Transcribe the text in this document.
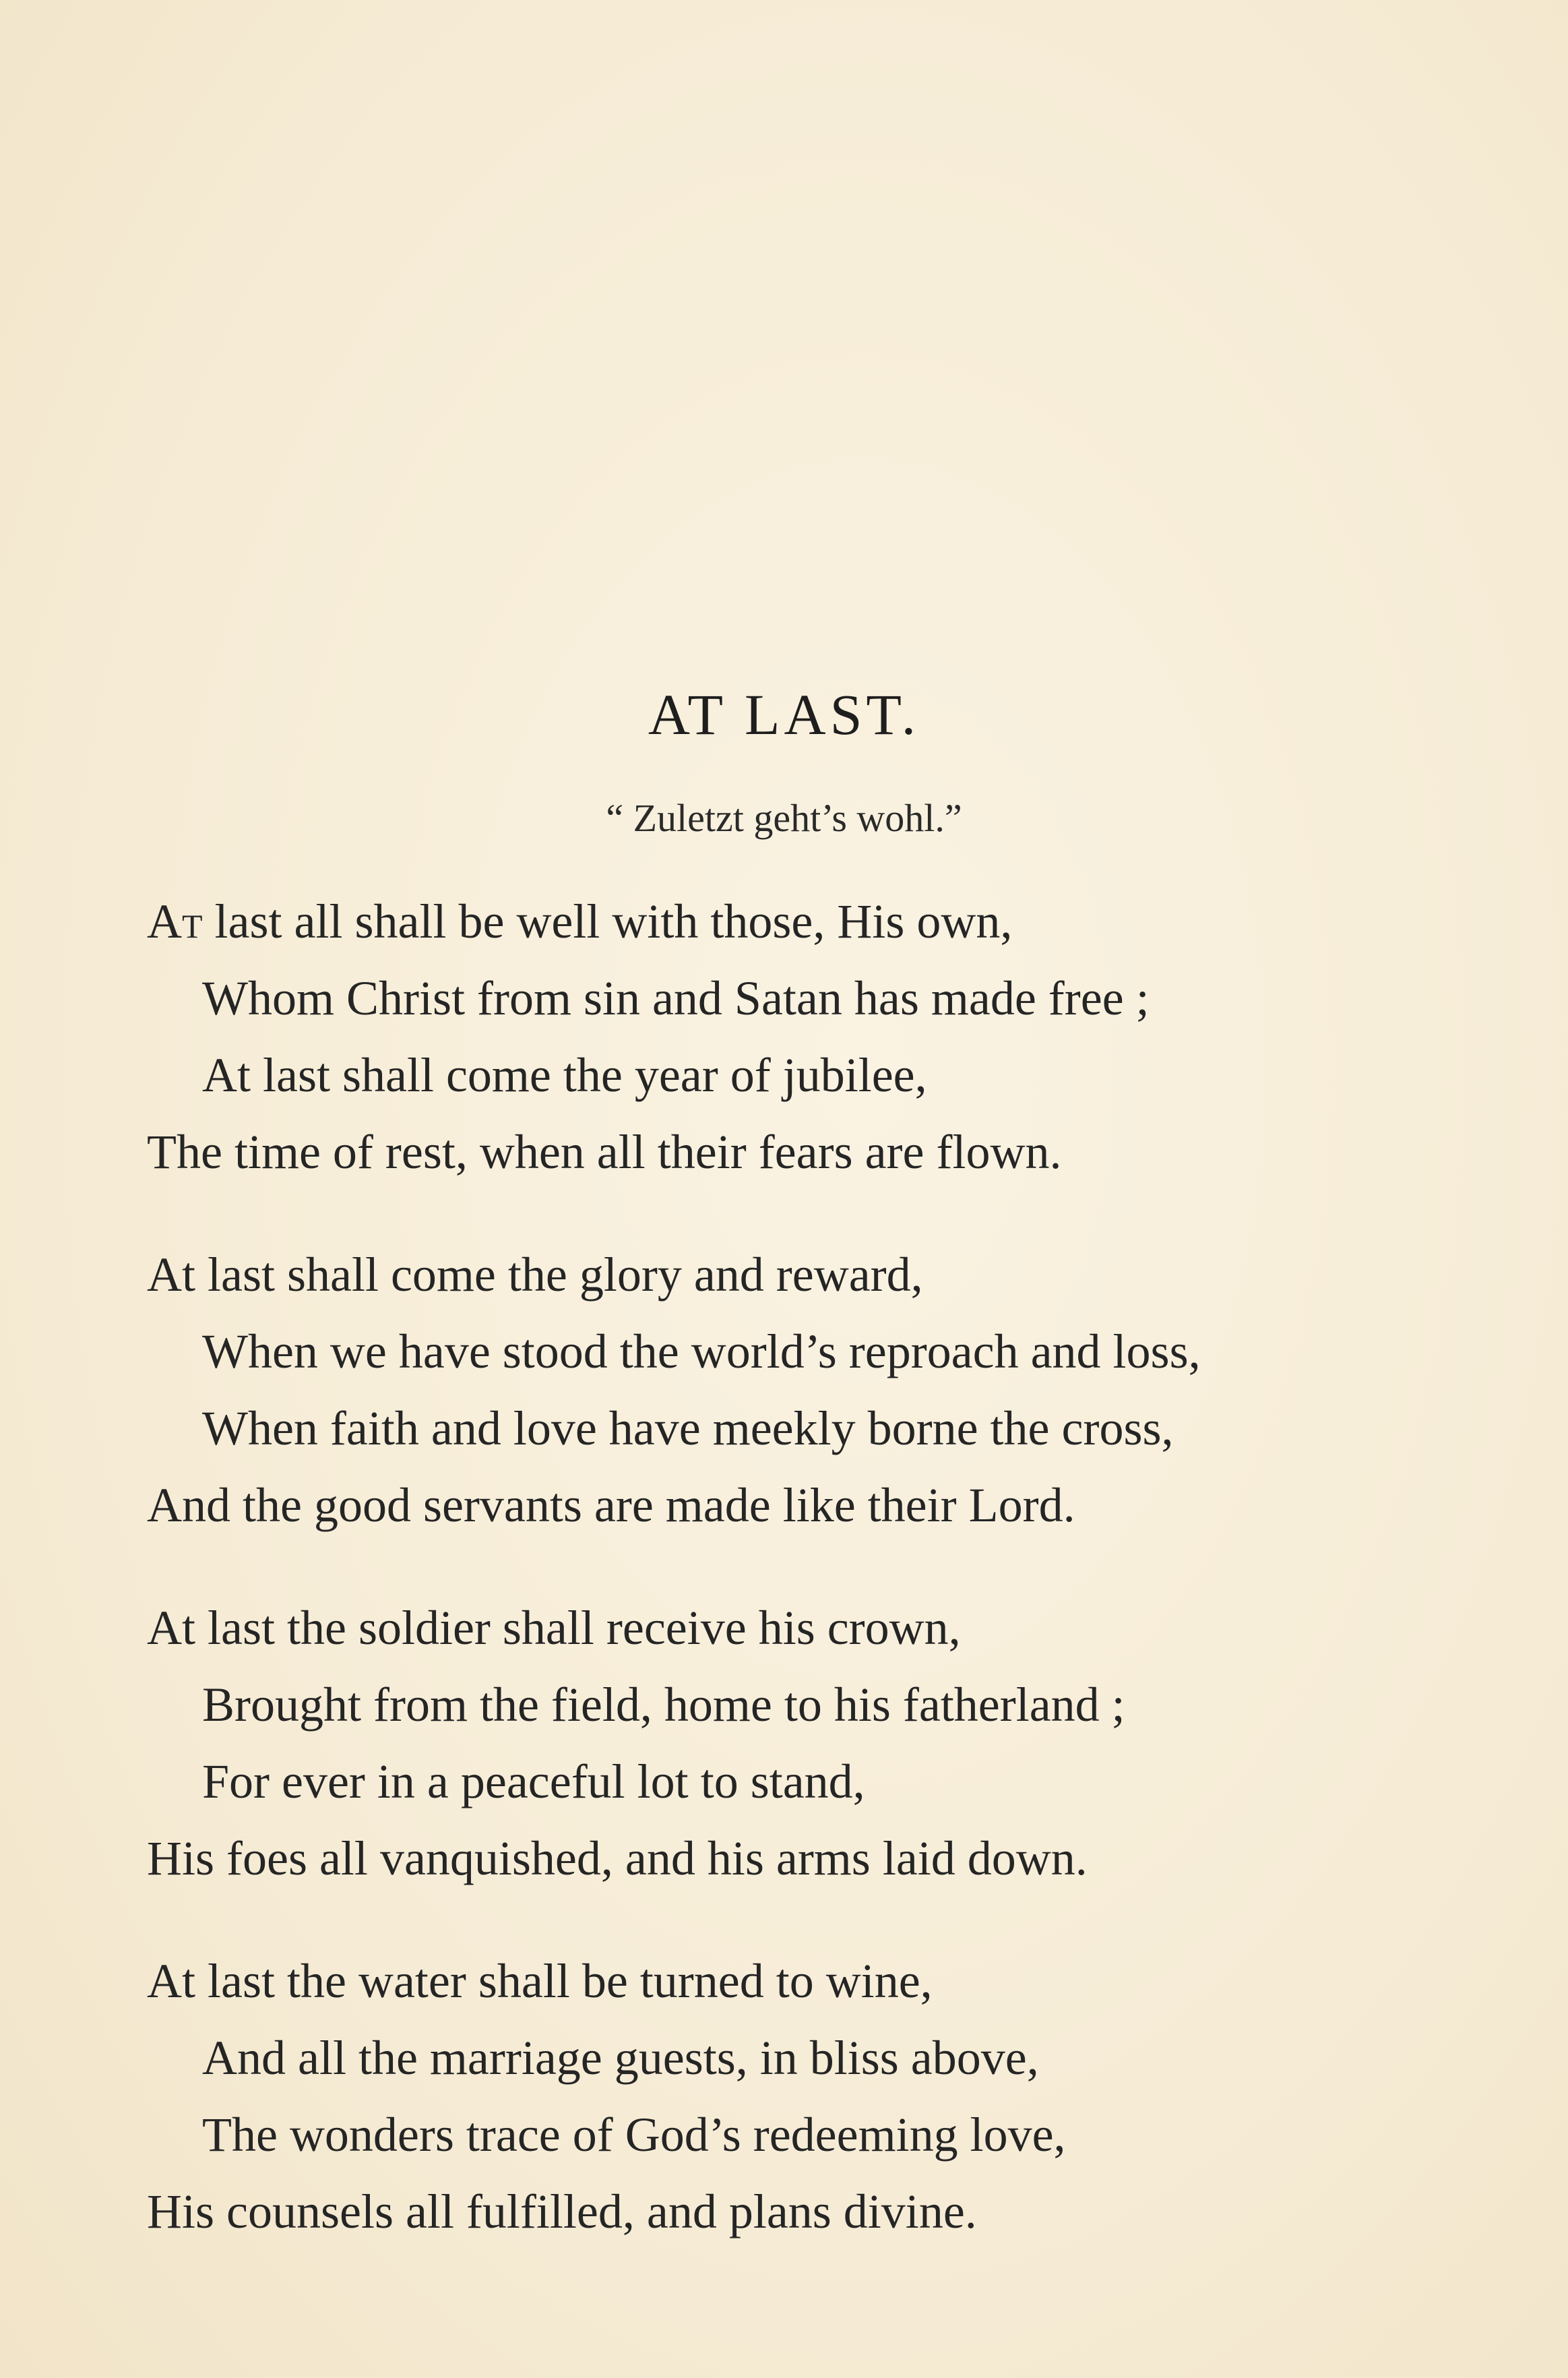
AT LAST.
“ Zuletzt geht’s wohl.”
At last all shall be well with those, His own,
Whom Christ from sin and Satan has made free ;
At last shall come the year of jubilee,
The time of rest, when all their fears are flown.
At last shall come the glory and reward,
When we have stood the world’s reproach and loss,
When faith and love have meekly borne the cross,
And the good servants are made like their Lord.
At last the soldier shall receive his crown,
Brought from the field, home to his fatherland ;
For ever in a peaceful lot to stand,
His foes all vanquished, and his arms laid down.
At last the water shall be turned to wine,
And all the marriage guests, in bliss above,
The wonders trace of God’s redeeming love,
His counsels all fulfilled, and plans divine.
